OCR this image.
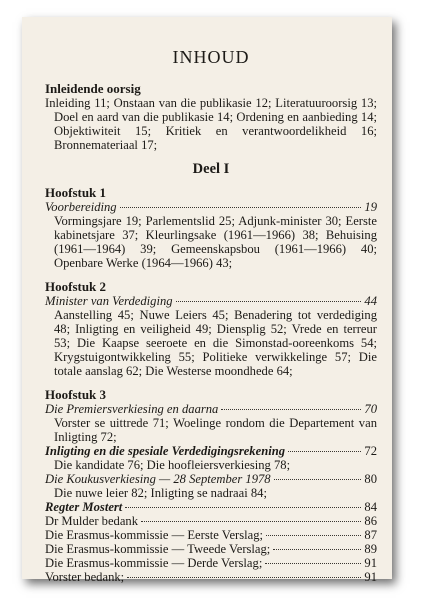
INHOUD
Inleidende oorsig
Inleiding 11; Onstaan van die publikasie 12; Literatuuroorsig 13; Doel en aard van die publikasie 14; Ordening en aanbieding 14; Objektiwiteit 15; Kritiek en verantwoordelikheid 16; Bronnemateriaal 17;
Deel I
Hoofstuk 1
Voorbereiding	19
Vormingsjare 19; Parlementslid 25; Adjunk-minister 30; Eerste kabinetsjare 37; Kleurlingsake (1961—1966) 38; Behuising (1961—1964) 39; Gemeenskapsbou (1961—1966) 40; Openbare Werke (1964—1966) 43;
Hoofstuk 2
Minister van Verdediging	44
Aanstelling 45; Nuwe Leiers 45; Benadering tot verdediging 48; Inligting en veiligheid 49; Diensplig 52; Vrede en terreur 53; Die Kaapse seeroete en die Simonstad-ooreenkoms 54; Krygstuigontwikkeling 55; Politieke verwikkelinge 57; Die totale aanslag 62; Die Westerse moondhede 64;
Hoofstuk 3
Die Premiersverkiesing en daarna	70
Vorster se uittrede 71; Woelinge rondom die Departement van Inligting 72;
Inligting en die spesiale Verdedigingsrekening	72
Die kandidate 76; Die hoofleiersverkiesing 78;
Die Koukusverkiesing — 28 September 1978	80
Die nuwe leier 82; Inligting se nadraai 84;
Regter Mostert	84
Dr Mulder bedank	86
Die Erasmus-kommissie — Eerste Verslag;	87
Die Erasmus-kommissie — Tweede Verslag;	89
Die Erasmus-kommissie — Derde Verslag;	91
Vorster bedank;	91
